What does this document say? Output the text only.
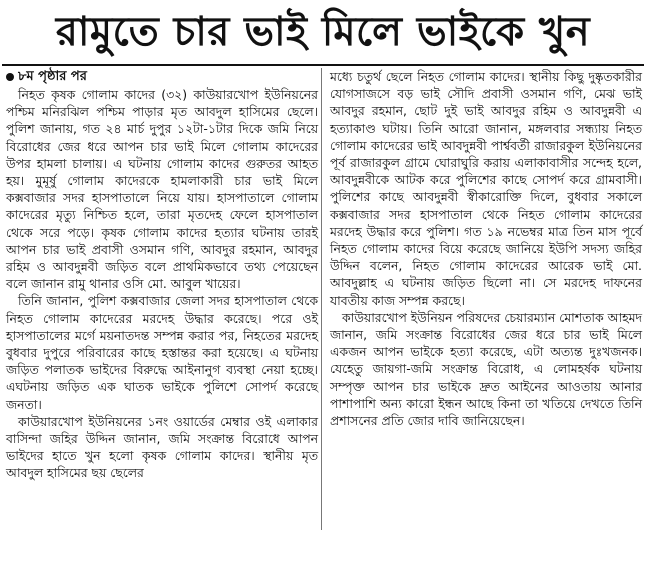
রামুতে চার ভাই মিলে ভাইকে খুন
৮ম পৃষ্ঠার পর

নিহত কৃষক গোলাম কাদের (৩২) কাউয়ারখোপ ইউনিয়নের পশ্চিম মনিরঝিল পশ্চিম পাড়ার মৃত আবদুল হাসিমের ছেলে। পুলিশ জানায়, গত ২৪ মার্চ দুপুর ১২টা-১টার দিকে জমি নিয়ে বিরোধের জের ধরে আপন চার ভাই মিলে গোলাম কাদেরের উপর হামলা চালায়। এ ঘটনায় গোলাম কাদের গুরুতর আহত হয়। মুমূর্ষু গোলাম কাদেরকে হামলাকারী চার ভাই মিলে কক্সবাজার সদর হাসপাতালে নিয়ে যায়। হাসপাতালে গোলাম কাদেরের মৃত্যু নিশ্চিত হলে, তারা মৃতদেহ ফেলে হাসপাতাল থেকে সরে পড়ে। কৃষক গোলাম কাদের হত্যার ঘটনায় তারই আপন চার ভাই প্রবাসী ওসমান গণি, আবদুর রহমান, আবদুর রহিম ও আবদুন্নবী জড়িত বলে প্রাথমিকভাবে তথ্য পেয়েছেন বলে জানান রামু থানার ওসি মো. আবুল খায়ের।

তিনি জানান, পুলিশ কক্সবাজার জেলা সদর হাসপাতাল থেকে নিহত গোলাম কাদেরের মরদেহ উদ্ধার করেছে। পরে ওই হাসপাতালের মর্গে ময়নাতদন্ত সম্পন্ন করার পর, নিহতের মরদেহ বুধবার দুপুরে পরিবারের কাছে হস্তান্তর করা হয়েছে। এ ঘটনায় জড়িত পলাতক ভাইদের বিরুদ্ধে আইনানুগ ব্যবস্থা নেয়া হচ্ছে। এঘটনায় জড়িত এক ঘাতক ভাইকে পুলিশে সোপর্দ করেছে জনতা।

কাউয়ারখোপ ইউনিয়নের ১নং ওয়ার্ডের মেম্বার ওই এলাকার বাসিন্দা জহির উদ্দিন জানান, জমি সংক্রান্ত বিরোধে আপন ভাইদের হাতে খুন হলো কৃষক গোলাম কাদের। স্থানীয় মৃত আবদুল হাসিমের ছয় ছেলের

মধ্যে চতুর্থ ছেলে নিহত গোলাম কাদের। স্থানীয় কিছু দুষ্কৃতকারীর যোগসাজসে বড় ভাই সৌদি প্রবাসী ওসমান গণি, মেঝ ভাই আবদুর রহমান, ছোট দুই ভাই আবদুর রহিম ও আবদুন্নবী এ হত্যাকাণ্ড ঘটায়। তিনি আরো জানান, মঙ্গলবার সন্ধ্যায় নিহত গোলাম কাদেরের ভাই আবদুন্নবী পার্শ্ববর্তী রাজারকুল ইউনিয়নের পূর্ব রাজারকুল গ্রামে ঘোরাঘুরি করায় এলাকাবাসীর সন্দেহ হলে, আবদুন্নবীকে আটক করে পুলিশের কাছে সোপর্দ করে গ্রামবাসী। পুলিশের কাছে আবদুন্নবী স্বীকারোক্তি দিলে, বুধবার সকালে কক্সবাজার সদর হাসপাতাল থেকে নিহত গোলাম কাদেরের মরদেহ উদ্ধার করে পুলিশ। গত ১৯ নভেম্বর মাত্র তিন মাস পূর্বে নিহত গোলাম কাদের বিয়ে করেছে জানিয়ে ইউপি সদস্য জহির উদ্দিন বলেন, নিহত গোলাম কাদেরের আরেক ভাই মো. আবদুল্লাহ এ ঘটনায় জড়িত ছিলো না। সে মরদেহ দাফনের যাবতীয় কাজ সম্পন্ন করছে।

কাউয়ারখোপ ইউনিয়ন পরিষদের চেয়ারম্যান মোশতাক আহমদ জানান, জমি সংক্রান্ত বিরোধের জের ধরে চার ভাই মিলে একজন আপন ভাইকে হত্যা করেছে, এটা অত্যন্ত দুঃখজনক। যেহেতু জায়গা-জমি সংক্রান্ত বিরোধ, এ লোমহর্ষক ঘটনায় সম্পৃক্ত আপন চার ভাইকে দ্রুত আইনের আওতায় আনার পাশাপাশি অন্য কারো ইন্ধন আছে কিনা তা খতিয়ে দেখতে তিনি প্রশাসনের প্রতি জোর দাবি জানিয়েছেন।
